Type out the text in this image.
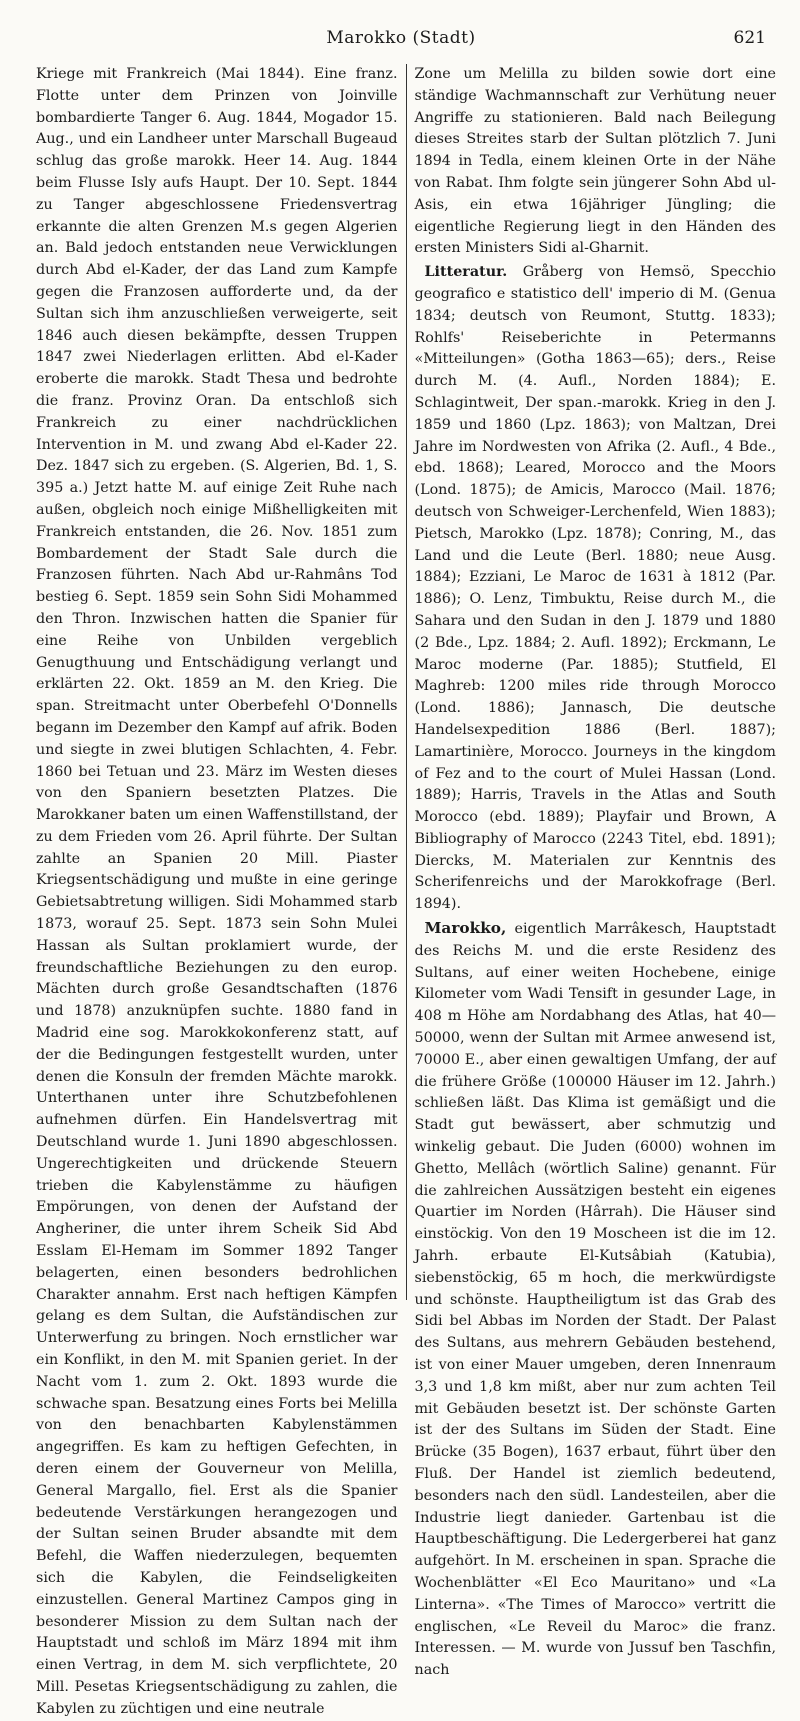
Marokko (Stadt)	621

Kriege mit Frankreich (Mai 1844). Eine franz. Flotte unter dem Prinzen von Joinville bombardierte Tanger 6. Aug. 1844, Mogador 15. Aug., und ein Landheer unter Marschall Bugeaud schlug das große marokk. Heer 14. Aug. 1844 beim Flusse Isly aufs Haupt. Der 10. Sept. 1844 zu Tanger abgeschlossene Friedensvertrag erkannte die alten Grenzen M.s gegen Algerien an. Bald jedoch entstanden neue Verwicklungen durch Abd el-Kader, der das Land zum Kampfe gegen die Franzosen aufforderte und, da der Sultan sich ihm anzuschließen verweigerte, seit 1846 auch diesen bekämpfte, dessen Truppen 1847 zwei Niederlagen erlitten. Abd el-Kader eroberte die marokk. Stadt Thesa und bedrohte die franz. Provinz Oran. Da entschloß sich Frankreich zu einer nachdrücklichen Intervention in M. und zwang Abd el-Kader 22. Dez. 1847 sich zu ergeben. (S. Algerien, Bd. 1, S. 395 a.) Jetzt hatte M. auf einige Zeit Ruhe nach außen, obgleich noch einige Mißhelligkeiten mit Frankreich entstanden, die 26. Nov. 1851 zum Bombardement der Stadt Sale durch die Franzosen führten. Nach Abd ur-Rahmâns Tod bestieg 6. Sept. 1859 sein Sohn Sidi Mohammed den Thron. Inzwischen hatten die Spanier für eine Reihe von Unbilden vergeblich Genugthuung und Entschädigung verlangt und erklärten 22. Okt. 1859 an M. den Krieg. Die span. Streitmacht unter Oberbefehl O'Donnells begann im Dezember den Kampf auf afrik. Boden und siegte in zwei blutigen Schlachten, 4. Febr. 1860 bei Tetuan und 23. März im Westen dieses von den Spaniern besetzten Platzes. Die Marokkaner baten um einen Waffenstillstand, der zu dem Frieden vom 26. April führte. Der Sultan zahlte an Spanien 20 Mill. Piaster Kriegsentschädigung und mußte in eine geringe Gebietsabtretung willigen. Sidi Mohammed starb 1873, worauf 25. Sept. 1873 sein Sohn Mulei Hassan als Sultan proklamiert wurde, der freundschaftliche Beziehungen zu den europ. Mächten durch große Gesandtschaften (1876 und 1878) anzuknüpfen suchte. 1880 fand in Madrid eine sog. Marokkokonferenz statt, auf der die Bedingungen festgestellt wurden, unter denen die Konsuln der fremden Mächte marokk. Unterthanen unter ihre Schutzbefohlenen aufnehmen dürfen. Ein Handelsvertrag mit Deutschland wurde 1. Juni 1890 abgeschlossen. Ungerechtigkeiten und drückende Steuern trieben die Kabylenstämme zu häufigen Empörungen, von denen der Aufstand der Angheriner, die unter ihrem Scheik Sid Abd Esslam El-Hemam im Sommer 1892 Tanger belagerten, einen besonders bedrohlichen Charakter annahm. Erst nach heftigen Kämpfen gelang es dem Sultan, die Aufständischen zur Unterwerfung zu bringen. Noch ernstlicher war ein Konflikt, in den M. mit Spanien geriet. In der Nacht vom 1. zum 2. Okt. 1893 wurde die schwache span. Besatzung eines Forts bei Melilla von den benachbarten Kabylenstämmen angegriffen. Es kam zu heftigen Gefechten, in deren einem der Gouverneur von Melilla, General Margallo, fiel. Erst als die Spanier bedeutende Verstärkungen herangezogen und der Sultan seinen Bruder absandte mit dem Befehl, die Waffen niederzulegen, bequemten sich die Kabylen, die Feindseligkeiten einzustellen. General Martinez Campos ging in besonderer Mission zu dem Sultan nach der Hauptstadt und schloß im März 1894 mit ihm einen Vertrag, in dem M. sich verpflichtete, 20 Mill. Pesetas Kriegsentschädigung zu zahlen, die Kabylen zu züchtigen und eine neutrale

Zone um Melilla zu bilden sowie dort eine ständige Wachmannschaft zur Verhütung neuer Angriffe zu stationieren. Bald nach Beilegung dieses Streites starb der Sultan plötzlich 7. Juni 1894 in Tedla, einem kleinen Orte in der Nähe von Rabat. Ihm folgte sein jüngerer Sohn Abd ul-Asis, ein etwa 16jähriger Jüngling; die eigentliche Regierung liegt in den Händen des ersten Ministers Sidi al-Gharnit.

Litteratur. Gråberg von Hemsö, Specchio geografico e statistico dell' imperio di M. (Genua 1834; deutsch von Reumont, Stuttg. 1833); Rohlfs' Reiseberichte in Petermanns «Mitteilungen» (Gotha 1863—65); ders., Reise durch M. (4. Aufl., Norden 1884); E. Schlagintweit, Der span.-marokk. Krieg in den J. 1859 und 1860 (Lpz. 1863); von Maltzan, Drei Jahre im Nordwesten von Afrika (2. Aufl., 4 Bde., ebd. 1868); Leared, Morocco and the Moors (Lond. 1875); de Amicis, Marocco (Mail. 1876; deutsch von Schweiger-Lerchenfeld, Wien 1883); Pietsch, Marokko (Lpz. 1878); Conring, M., das Land und die Leute (Berl. 1880; neue Ausg. 1884); Ezziani, Le Maroc de 1631 à 1812 (Par. 1886); O. Lenz, Timbuktu, Reise durch M., die Sahara und den Sudan in den J. 1879 und 1880 (2 Bde., Lpz. 1884; 2. Aufl. 1892); Erckmann, Le Maroc moderne (Par. 1885); Stutfield, El Maghreb: 1200 miles ride through Morocco (Lond. 1886); Jannasch, Die deutsche Handelsexpedition 1886 (Berl. 1887); Lamartinière, Morocco. Journeys in the kingdom of Fez and to the court of Mulei Hassan (Lond. 1889); Harris, Travels in the Atlas and South Morocco (ebd. 1889); Playfair und Brown, A Bibliography of Marocco (2243 Titel, ebd. 1891); Diercks, M. Materialen zur Kenntnis des Scherifenreichs und der Marokkofrage (Berl. 1894).

Marokko, eigentlich Marrâkesch, Hauptstadt des Reichs M. und die erste Residenz des Sultans, auf einer weiten Hochebene, einige Kilometer vom Wadi Tensift in gesunder Lage, in 408 m Höhe am Nordabhang des Atlas, hat 40—50000, wenn der Sultan mit Armee anwesend ist, 70000 E., aber einen gewaltigen Umfang, der auf die frühere Größe (100000 Häuser im 12. Jahrh.) schließen läßt. Das Klima ist gemäßigt und die Stadt gut bewässert, aber schmutzig und winkelig gebaut. Die Juden (6000) wohnen im Ghetto, Mellâch (wörtlich Saline) genannt. Für die zahlreichen Aussätzigen besteht ein eigenes Quartier im Norden (Hârrah). Die Häuser sind einstöckig. Von den 19 Moscheen ist die im 12. Jahrh. erbaute El-Kutsâbiah (Katubia), siebenstöckig, 65 m hoch, die merkwürdigste und schönste. Hauptheiligtum ist das Grab des Sidi bel Abbas im Norden der Stadt. Der Palast des Sultans, aus mehrern Gebäuden bestehend, ist von einer Mauer umgeben, deren Innenraum 3,3 und 1,8 km mißt, aber nur zum achten Teil mit Gebäuden besetzt ist. Der schönste Garten ist der des Sultans im Süden der Stadt. Eine Brücke (35 Bogen), 1637 erbaut, führt über den Fluß. Der Handel ist ziemlich bedeutend, besonders nach den südl. Landesteilen, aber die Industrie liegt danieder. Gartenbau ist die Hauptbeschäftigung. Die Ledergerberei hat ganz aufgehört. In M. erscheinen in span. Sprache die Wochenblätter «El Eco Mauritano» und «La Linterna». «The Times of Marocco» vertritt die englischen, «Le Reveil du Maroc» die franz. Interessen. — M. wurde von Jussuf ben Taschfin, nach
